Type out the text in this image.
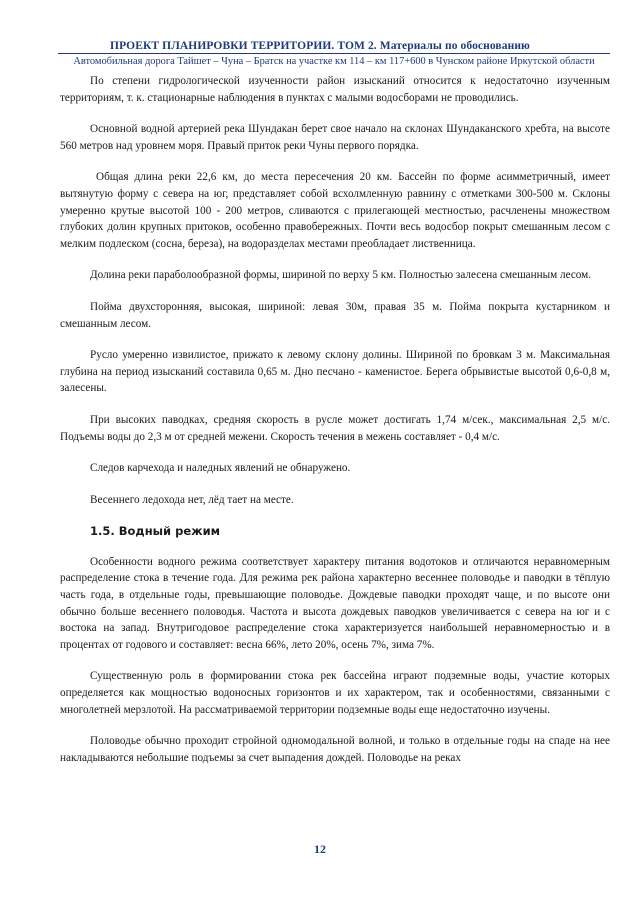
ПРОЕКТ ПЛАНИРОВКИ ТЕРРИТОРИИ. ТОМ 2. Материалы по обоснованию
Автомобильная дорога Тайшет – Чуна – Братск на участке км 114 – км 117+600 в Чунском районе Иркутской области

По степени гидрологической изученности район изысканий относится к недостаточно изученным территориям, т. к. стационарные наблюдения в пунктах с малыми водосборами не проводились.

Основной водной артерией река Шундакан берет свое начало на склонах Шундаканского хребта, на высоте 560 метров над уровнем моря. Правый приток реки Чуны первого порядка.

Общая длина реки 22,6 км, до места пересечения 20 км. Бассейн по форме асимметричный, имеет вытянутую форму с севера на юг, представляет собой всхолмленную равнину с отметками 300-500 м. Склоны умеренно крутые высотой 100 - 200 метров, сливаются с прилегающей местностью, расчленены множеством глубоких долин крупных притоков, особенно правобережных. Почти весь водосбор покрыт смешанным лесом с мелким подлеском (сосна, береза), на водоразделах местами преобладает лиственница.

Долина реки параболообразной формы, шириной по верху 5 км. Полностью залесена смешанным лесом.

Пойма двухсторонняя, высокая, шириной: левая 30м, правая 35 м. Пойма покрыта кустарником и смешанным лесом.

Русло умеренно извилистое, прижато к левому склону долины. Шириной по бровкам 3 м. Максимальная глубина на период изысканий составила 0,65 м. Дно песчано - каменистое. Берега обрывистые высотой 0,6-0,8 м, залесены.

При высоких паводках, средняя скорость в русле может достигать 1,74 м/сек., максимальная 2,5 м/с. Подъемы воды до 2,3 м от средней межени. Скорость течения в межень составляет - 0,4 м/с.

Следов карчехода и наледных явлений не обнаружено.

Весеннего ледохода нет, лёд тает на месте.

1.5. Водный режим

Особенности водного режима соответствует характеру питания водотоков и отличаются неравномерным распределение стока в течение года. Для режима рек района характерно весеннее половодье и паводки в тёплую часть года, в отдельные годы, превышающие половодье. Дождевые паводки проходят чаще, и по высоте они обычно больше весеннего половодья. Частота и высота дождевых паводков увеличивается с севера на юг и с востока на запад. Внутригодовое распределение стока характеризуется наибольшей неравномерностью и в процентах от годового и составляет: весна 66%, лето 20%, осень 7%, зима 7%.

Существенную роль в формировании стока рек бассейна играют подземные воды, участие которых определяется как мощностью водоносных горизонтов и их характером, так и особенностями, связанными с многолетней мерзлотой. На рассматриваемой территории подземные воды еще недостаточно изучены.

Половодье обычно проходит стройной одномодальной волной, и только в отдельные годы на спаде на нее накладываются небольшие подъемы за счет выпадения дождей. Половодье на реках

12
